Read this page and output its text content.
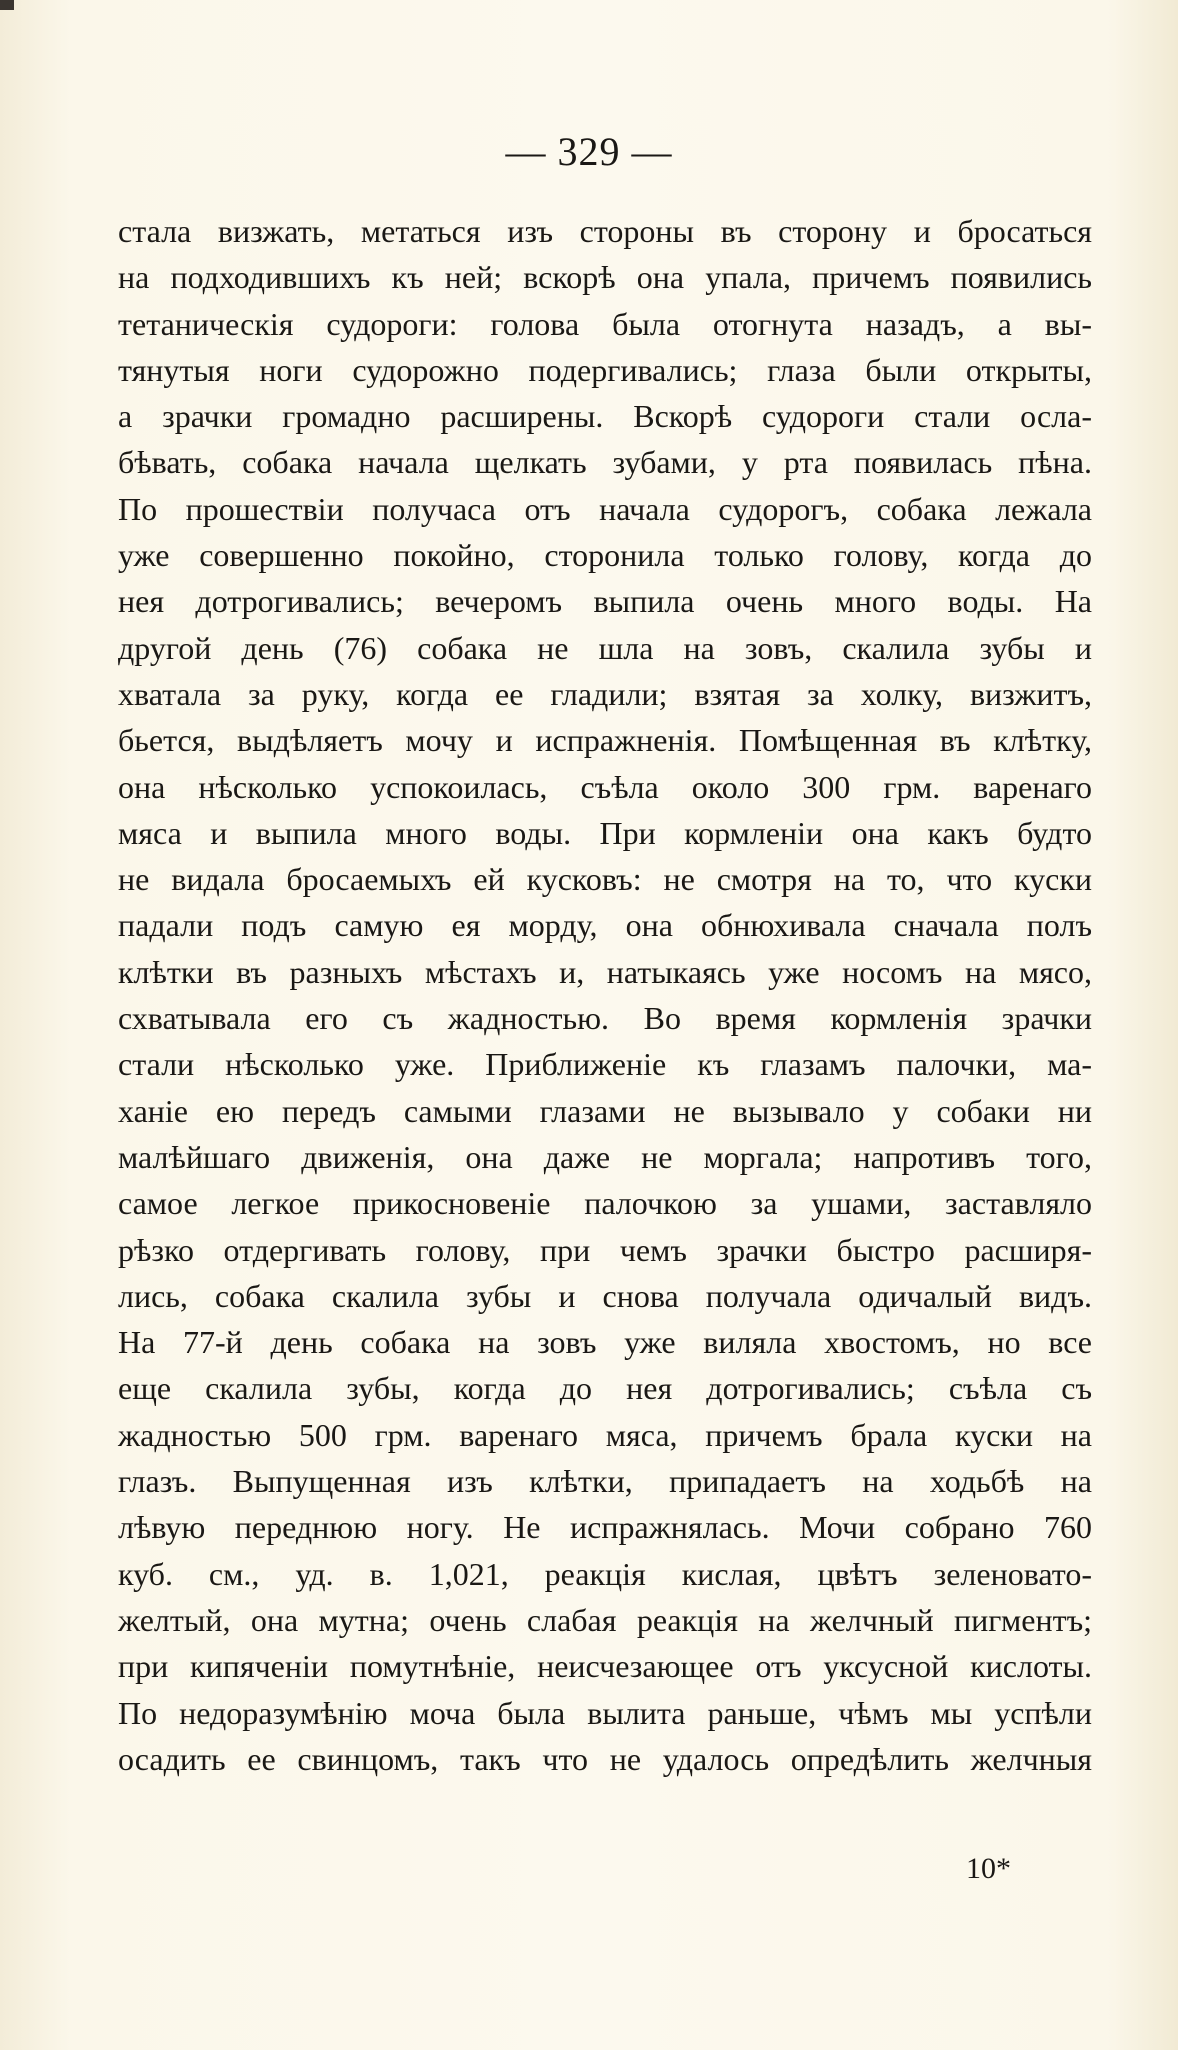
— 329 —
стала визжать, метаться изъ стороны въ сторону и бросаться
на подходившихъ къ ней; вскорѣ она упала, причемъ появились
тетаническія судороги: голова была отогнута назадъ, а вы-
тянутыя ноги судорожно подергивались; глаза были открыты,
а зрачки громадно расширены. Вскорѣ судороги стали осла-
бѣвать, собака начала щелкать зубами, у рта появилась пѣна.
По прошествіи получаса отъ начала судорогъ, собака лежала
уже совершенно покойно, сторонила только голову, когда до
нея дотрогивались; вечеромъ выпила очень много воды. На
другой день (76) собака не шла на зовъ, скалила зубы и
хватала за руку, когда ее гладили; взятая за холку, визжитъ,
бьется, выдѣляетъ мочу и испражненія. Помѣщенная въ клѣтку,
она нѣсколько успокоилась, съѣла около 300 грм. варенаго
мяса и выпила много воды. При кормленіи она какъ будто
не видала бросаемыхъ ей кусковъ: не смотря на то, что куски
падали подъ самую ея морду, она обнюхивала сначала полъ
клѣтки въ разныхъ мѣстахъ и, натыкаясь уже носомъ на мясо,
схватывала его съ жадностью. Во время кормленія зрачки
стали нѣсколько уже. Приближеніе къ глазамъ палочки, ма-
ханіе ею передъ самыми глазами не вызывало у собаки ни
малѣйшаго движенія, она даже не моргала; напротивъ того,
самое легкое прикосновеніе палочкою за ушами, заставляло
рѣзко отдергивать голову, при чемъ зрачки быстро расширя-
лись, собака скалила зубы и снова получала одичалый видъ.
На 77-й день собака на зовъ уже виляла хвостомъ, но все
еще скалила зубы, когда до нея дотрогивались; съѣла съ
жадностью 500 грм. варенаго мяса, причемъ брала куски на
глазъ. Выпущенная изъ клѣтки, припадаетъ на ходьбѣ на
лѣвую переднюю ногу. Не испражнялась. Мочи собрано 760
куб. см., уд. в. 1,021, реакція кислая, цвѣтъ зеленовато-
желтый, она мутна; очень слабая реакція на желчный пигментъ;
при кипяченіи помутнѣніе, неисчезающее отъ уксусной кислоты.
По недоразумѣнію моча была вылита раньше, чѣмъ мы успѣли
осадить ее свинцомъ, такъ что не удалось опредѣлить желчныя
10*
